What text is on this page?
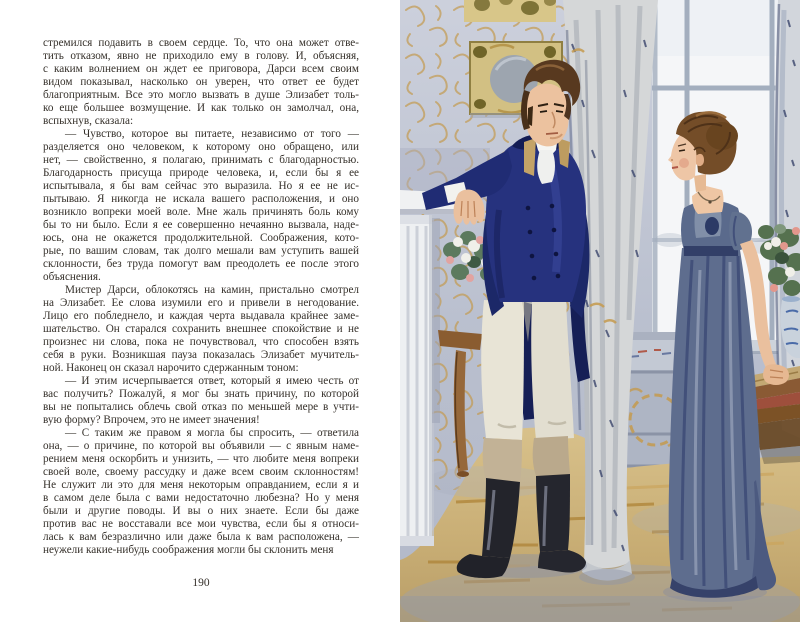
стремился подавить в своем сердце. То, что она может отве-
тить отказом, явно не приходило ему в голову. И, объясняя,
с каким волнением он ждет ее приговора, Дарси всем своим
видом показывал, насколько он уверен, что ответ ее будет
благоприятным. Все это могло вызвать в душе Элизабет толь-
ко еще большее возмущение. И как только он замолчал, она,
вспыхнув, сказала:
— Чувство, которое вы питаете, независимо от того —
разделяется оно человеком, к которому оно обращено, или
нет, — свойственно, я полагаю, принимать с благодарностью.
Благодарность присуща природе человека, и, если бы я ее
испытывала, я бы вам сейчас это выразила. Но я ее не ис-
пытываю. Я никогда не искала вашего расположения, и оно
возникло вопреки моей воле. Мне жаль причинять боль кому
бы то ни было. Если я ее совершенно нечаянно вызвала, наде-
юсь, она не окажется продолжительной. Соображения, кото-
рые, по вашим словам, так долго мешали вам уступить вашей
склонности, без труда помогут вам преодолеть ее после этого
объяснения.
Мистер Дарси, облокотясь на камин, пристально смотрел
на Элизабет. Ее слова изумили его и привели в негодование.
Лицо его побледнело, и каждая черта выдавала крайнее заме-
шательство. Он старался сохранить внешнее спокойствие и не
произнес ни слова, пока не почувствовал, что способен взять
себя в руки. Возникшая пауза показалась Элизабет мучитель-
ной. Наконец он сказал нарочито сдержанным тоном:
— И этим исчерпывается ответ, который я имею честь от
вас получить? Пожалуй, я мог бы знать причину, по которой
вы не попытались облечь свой отказ по меньшей мере в учти-
вую форму? Впрочем, это не имеет значения!
— С таким же правом я могла бы спросить, — ответила
она, — о причине, по которой вы объявили — с явным наме-
рением меня оскорбить и унизить, — что любите меня вопреки
своей воле, своему рассудку и даже всем своим склонностям!
Не служит ли это для меня некоторым оправданием, если я и
в самом деле была с вами недостаточно любезна? Но у меня
были и другие поводы. И вы о них знаете. Если бы даже
против вас не восставали все мои чувства, если бы я относи-
лась к вам безразлично или даже была к вам расположена, —
неужели какие-нибудь соображения могли бы склонить меня
190
